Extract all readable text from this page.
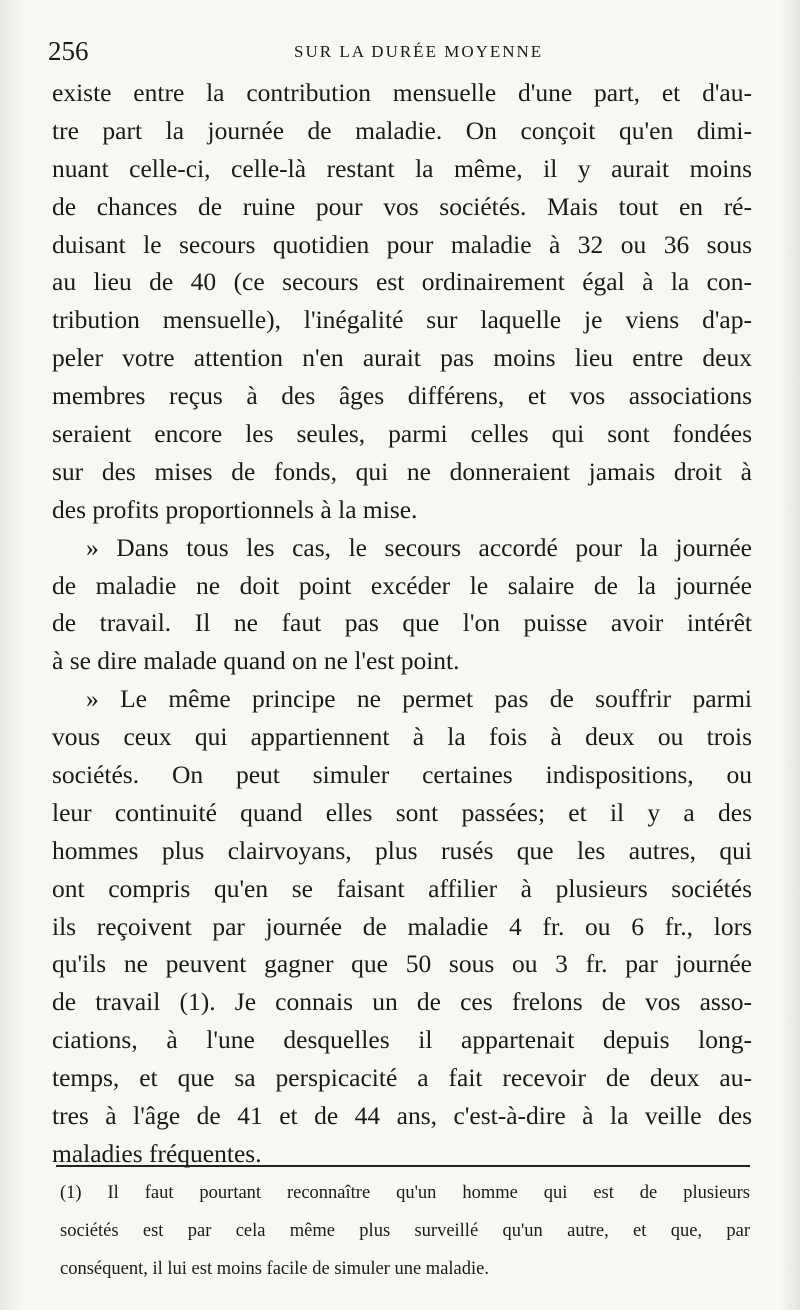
256	SUR LA DURÉE MOYENNE
existe entre la contribution mensuelle d'une part, et d'au-
tre part la journée de maladie. On conçoit qu'en dimi-
nuant celle-ci, celle-là restant la même, il y aurait moins
de chances de ruine pour vos sociétés. Mais tout en ré-
duisant le secours quotidien pour maladie à 32 ou 36 sous
au lieu de 40 (ce secours est ordinairement égal à la con-
tribution mensuelle), l'inégalité sur laquelle je viens d'ap-
peler votre attention n'en aurait pas moins lieu entre deux
membres reçus à des âges différens, et vos associations
seraient encore les seules, parmi celles qui sont fondées
sur des mises de fonds, qui ne donneraient jamais droit à
des profits proportionnels à la mise.
» Dans tous les cas, le secours accordé pour la journée
de maladie ne doit point excéder le salaire de la journée
de travail. Il ne faut pas que l'on puisse avoir intérêt
à se dire malade quand on ne l'est point.
» Le même principe ne permet pas de souffrir parmi
vous ceux qui appartiennent à la fois à deux ou trois
sociétés. On peut simuler certaines indispositions, ou
leur continuité quand elles sont passées; et il y a des
hommes plus clairvoyans, plus rusés que les autres, qui
ont compris qu'en se faisant affilier à plusieurs sociétés
ils reçoivent par journée de maladie 4 fr. ou 6 fr., lors
qu'ils ne peuvent gagner que 50 sous ou 3 fr. par journée
de travail (1). Je connais un de ces frelons de vos asso-
ciations, à l'une desquelles il appartenait depuis long-
temps, et que sa perspicacité a fait recevoir de deux au-
tres à l'âge de 41 et de 44 ans, c'est-à-dire à la veille des
maladies fréquentes.
(1) Il faut pourtant reconnaître qu'un homme qui est de plusieurs
sociétés est par cela même plus surveillé qu'un autre, et que, par
conséquent, il lui est moins facile de simuler une maladie.
